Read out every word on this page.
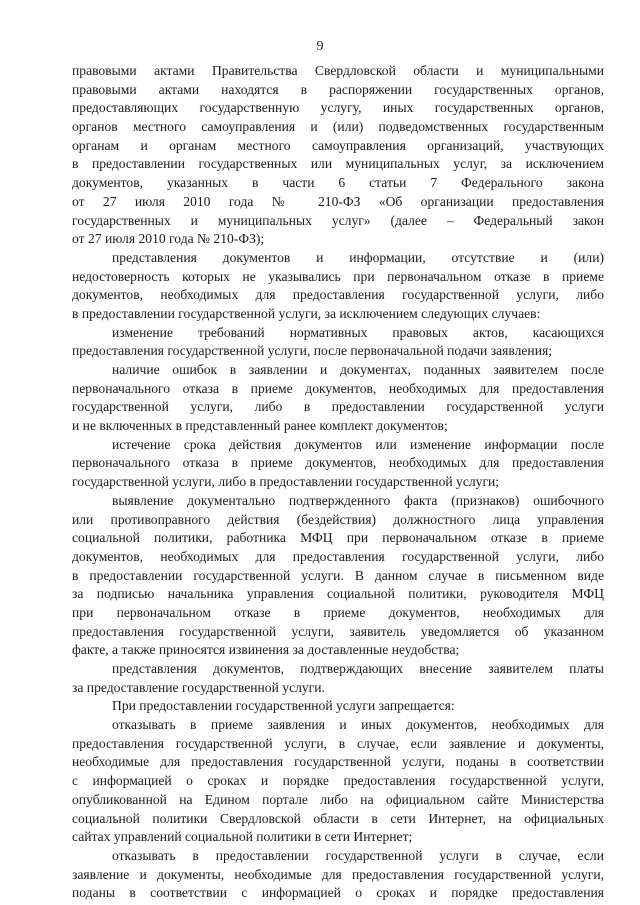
9
правовыми актами Правительства Свердловской области и муниципальными
правовыми актами находятся в распоряжении государственных органов,
предоставляющих государственную услугу, иных государственных органов,
органов местного самоуправления и (или) подведомственных государственным
органам и органам местного самоуправления организаций, участвующих
в предоставлении государственных или муниципальных услуг, за исключением
документов, указанных в части 6 статьи 7 Федерального закона
от 27 июля 2010 года № 210-ФЗ «Об организации предоставления
государственных и муниципальных услуг» (далее – Федеральный закон
от 27 июля 2010 года № 210-ФЗ);
представления документов и информации, отсутствие и (или)
недостоверность которых не указывались при первоначальном отказе в приеме
документов, необходимых для предоставления государственной услуги, либо
в предоставлении государственной услуги, за исключением следующих случаев:
изменение требований нормативных правовых актов, касающихся
предоставления государственной услуги, после первоначальной подачи заявления;
наличие ошибок в заявлении и документах, поданных заявителем после
первоначального отказа в приеме документов, необходимых для предоставления
государственной услуги, либо в предоставлении государственной услуги
и не включенных в представленный ранее комплект документов;
истечение срока действия документов или изменение информации после
первоначального отказа в приеме документов, необходимых для предоставления
государственной услуги, либо в предоставлении государственной услуги;
выявление документально подтвержденного факта (признаков) ошибочного
или противоправного действия (бездействия) должностного лица управления
социальной политики, работника МФЦ при первоначальном отказе в приеме
документов, необходимых для предоставления государственной услуги, либо
в предоставлении государственной услуги. В данном случае в письменном виде
за подписью начальника управления социальной политики, руководителя МФЦ
при первоначальном отказе в приеме документов, необходимых для
предоставления государственной услуги, заявитель уведомляется об указанном
факте, а также приносятся извинения за доставленные неудобства;
представления документов, подтверждающих внесение заявителем платы
за предоставление государственной услуги.
При предоставлении государственной услуги запрещается:
отказывать в приеме заявления и иных документов, необходимых для
предоставления государственной услуги, в случае, если заявление и документы,
необходимые для предоставления государственной услуги, поданы в соответствии
с информацией о сроках и порядке предоставления государственной услуги,
опубликованной на Едином портале либо на официальном сайте Министерства
социальной политики Свердловской области в сети Интернет, на официальных
сайтах управлений социальной политики в сети Интернет;
отказывать в предоставлении государственной услуги в случае, если
заявление и документы, необходимые для предоставления государственной услуги,
поданы в соответствии с информацией о сроках и порядке предоставления
